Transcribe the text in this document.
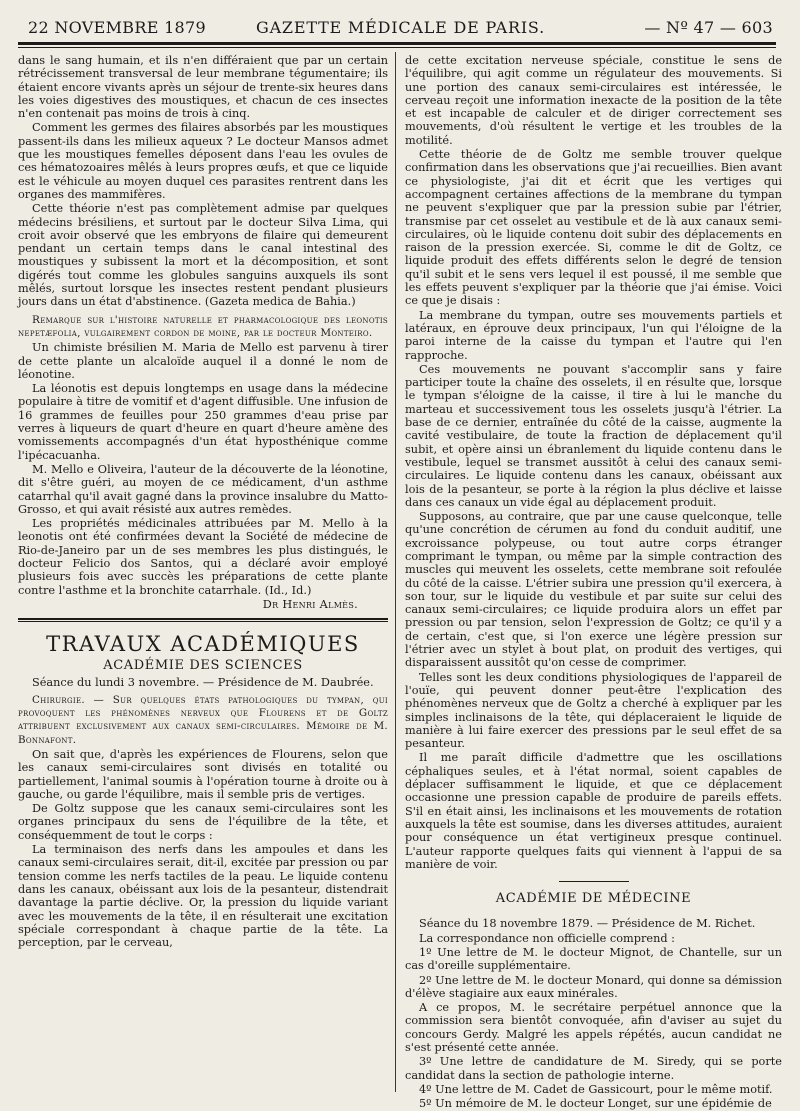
22 NOVEMBRE 1879	GAZETTE MÉDICALE DE PARIS.	— Nº 47 — 603

dans le sang humain, et ils n'en différaient que par un certain rétrécissement transversal de leur membrane tégumentaire; ils étaient encore vivants après un séjour de trente-six heures dans les voies digestives des moustiques, et chacun de ces insectes n'en contenait pas moins de trois à cinq.

Comment les germes des filaires absorbés par les moustiques passent-ils dans les milieux aqueux ? Le docteur Mansos admet que les moustiques femelles déposent dans l'eau les ovules de ces hématozoaires mêlés à leurs propres œufs, et que ce liquide est le véhicule au moyen duquel ces parasites rentrent dans les organes des mammifères.

Cette théorie n'est pas complètement admise par quelques médecins brésiliens, et surtout par le docteur Silva Lima, qui croit avoir observé que les embryons de filaire qui demeurent pendant un certain temps dans le canal intestinal des moustiques y subissent la mort et la décomposition, et sont digérés tout comme les globules sanguins auxquels ils sont mêlés, surtout lorsque les insectes restent pendant plusieurs jours dans un état d'abstinence. (Gazeta medica de Bahia.)

Remarque sur l'histoire naturelle et pharmacologique des leonotis nepetæfolia, vulgairement cordon de moine, par le docteur Monteiro.

Un chimiste brésilien M. Maria de Mello est parvenu à tirer de cette plante un alcaloïde auquel il a donné le nom de léonotine.

La léonotis est depuis longtemps en usage dans la médecine populaire à titre de vomitif et d'agent diffusible. Une infusion de 16 grammes de feuilles pour 250 grammes d'eau prise par verres à liqueurs de quart d'heure en quart d'heure amène des vomissements accompagnés d'un état hyposthénique comme l'ipécacuanha.

M. Mello e Oliveira, l'auteur de la découverte de la léonotine, dit s'être guéri, au moyen de ce médicament, d'un asthme catarrhal qu'il avait gagné dans la province insalubre du Matto-Grosso, et qui avait résisté aux autres remèdes.

Les propriétés médicinales attribuées par M. Mello à la leonotis ont été confirmées devant la Société de médecine de Rio-de-Janeiro par un de ses membres les plus distingués, le docteur Felicio dos Santos, qui a déclaré avoir employé plusieurs fois avec succès les préparations de cette plante contre l'asthme et la bronchite catarrhale. (Id., Id.)

Dr Henri Almès.

TRAVAUX ACADÉMIQUES
ACADÉMIE DES SCIENCES

Séance du lundi 3 novembre. — Présidence de M. Daubrée.

Chirurgie. — Sur quelques états pathologiques du tympan, qui provoquent les phénomènes nerveux que Flourens et de Goltz attribuent exclusivement aux canaux semi-circulaires. Mémoire de M. Bonnafont.

On sait que, d'après les expériences de Flourens, selon que les canaux semi-circulaires sont divisés en totalité ou partiellement, l'animal soumis à l'opération tourne à droite ou à gauche, ou garde l'équilibre, mais il semble pris de vertiges.

De Goltz suppose que les canaux semi-circulaires sont les organes principaux du sens de l'équilibre de la tête, et conséquemment de tout le corps :

La terminaison des nerfs dans les ampoules et dans les canaux semi-circulaires serait, dit-il, excitée par pression ou par tension comme les nerfs tactiles de la peau. Le liquide contenu dans les canaux, obéissant aux lois de la pesanteur, distendrait davantage la partie déclive. Or, la pression du liquide variant avec les mouvements de la tête, il en résulterait une excitation spéciale correspondant à chaque partie de la tête. La perception, par le cerveau,

de cette excitation nerveuse spéciale, constitue le sens de l'équilibre, qui agit comme un régulateur des mouvements. Si une portion des canaux semi-circulaires est intéressée, le cerveau reçoit une information inexacte de la position de la tête et est incapable de calculer et de diriger correctement ses mouvements, d'où résultent le vertige et les troubles de la motilité.

Cette théorie de de Goltz me semble trouver quelque confirmation dans les observations que j'ai recueillies. Bien avant ce physiologiste, j'ai dit et écrit que les vertiges qui accompagnent certaines affections de la membrane du tympan ne peuvent s'expliquer que par la pression subie par l'étrier, transmise par cet osselet au vestibule et de là aux canaux semi-circulaires, où le liquide contenu doit subir des déplacements en raison de la pression exercée. Si, comme le dit de Goltz, ce liquide produit des effets différents selon le degré de tension qu'il subit et le sens vers lequel il est poussé, il me semble que les effets peuvent s'expliquer par la théorie que j'ai émise. Voici ce que je disais :

La membrane du tympan, outre ses mouvements partiels et latéraux, en éprouve deux principaux, l'un qui l'éloigne de la paroi interne de la caisse du tympan et l'autre qui l'en rapproche.

Ces mouvements ne pouvant s'accomplir sans y faire participer toute la chaîne des osselets, il en résulte que, lorsque le tympan s'éloigne de la caisse, il tire à lui le manche du marteau et successivement tous les osselets jusqu'à l'étrier. La base de ce dernier, entraînée du côté de la caisse, augmente la cavité vestibulaire, de toute la fraction de déplacement qu'il subit, et opère ainsi un ébranlement du liquide contenu dans le vestibule, lequel se transmet aussitôt à celui des canaux semi-circulaires. Le liquide contenu dans les canaux, obéissant aux lois de la pesanteur, se porte à la région la plus déclive et laisse dans ces canaux un vide égal au déplacement produit.

Supposons, au contraire, que par une cause quelconque, telle qu'une concrétion de cérumen au fond du conduit auditif, une excroissance polypeuse, ou tout autre corps étranger comprimant le tympan, ou même par la simple contraction des muscles qui meuvent les osselets, cette membrane soit refoulée du côté de la caisse. L'étrier subira une pression qu'il exercera, à son tour, sur le liquide du vestibule et par suite sur celui des canaux semi-circulaires; ce liquide produira alors un effet par pression ou par tension, selon l'expression de Goltz; ce qu'il y a de certain, c'est que, si l'on exerce une légère pression sur l'étrier avec un stylet à bout plat, on produit des vertiges, qui disparaissent aussitôt qu'on cesse de comprimer.

Telles sont les deux conditions physiologiques de l'appareil de l'ouïe, qui peuvent donner peut-être l'explication des phénomènes nerveux que de Goltz a cherché à expliquer par les simples inclinaisons de la tête, qui déplaceraient le liquide de manière à lui faire exercer des pressions par le seul effet de sa pesanteur.

Il me paraît difficile d'admettre que les oscillations céphaliques seules, et à l'état normal, soient capables de déplacer suffisamment le liquide, et que ce déplacement occasionne une pression capable de produire de pareils effets. S'il en était ainsi, les inclinaisons et les mouvements de rotation auxquels la tête est soumise, dans les diverses attitudes, auraient pour conséquence un état vertigineux presque continuel. L'auteur rapporte quelques faits qui viennent à l'appui de sa manière de voir.

ACADÉMIE DE MÉDECINE

Séance du 18 novembre 1879. — Présidence de M. Richet.

La correspondance non officielle comprend :

1º Une lettre de M. le docteur Mignot, de Chantelle, sur un cas d'oreille supplémentaire.

2º Une lettre de M. le docteur Monard, qui donne sa démission d'élève stagiaire aux eaux minérales.

A ce propos, M. le secrétaire perpétuel annonce que la commission sera bientôt convoquée, afin d'aviser au sujet du concours Gerdy. Malgré les appels répétés, aucun candidat ne s'est présenté cette année.

3º Une lettre de candidature de M. Siredy, qui se porte candidat dans la section de pathologie interne.

4º Une lettre de M. Cadet de Gassicourt, pour le même motif.

5º Un mémoire de M. le docteur Longet, sur une épidémie de
